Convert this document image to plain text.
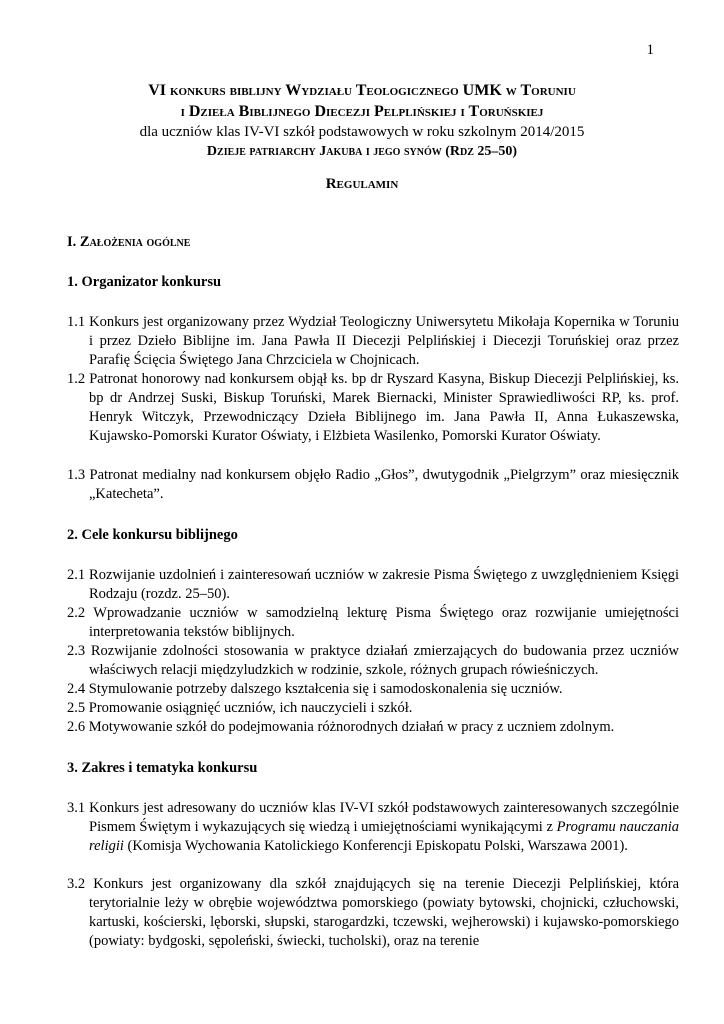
1

VI konkurs biblijny Wydziału Teologicznego UMK w Toruniu

i Dzieła Biblijnego Diecezji Pelplińskiej i Toruńskiej

dla uczniów klas IV-VI szkół podstawowych w roku szkolnym 2014/2015

Dzieje patriarchy Jakuba i jego synów (Rdz 25–50)

Regulamin
I. Założenia ogólne
1. Organizator konkursu
1.1 Konkurs jest organizowany przez Wydział Teologiczny Uniwersytetu Mikołaja Kopernika w Toruniu i przez Dzieło Biblijne im. Jana Pawła II Diecezji Pelplińskiej i Diecezji Toruńskiej oraz przez Parafię Ścięcia Świętego Jana Chrzciciela w Chojnicach.
1.2 Patronat honorowy nad konkursem objął ks. bp dr Ryszard Kasyna, Biskup Diecezji Pelplińskiej, ks. bp dr Andrzej Suski, Biskup Toruński, Marek Biernacki, Minister Sprawiedliwości RP, ks. prof. Henryk Witczyk, Przewodniczący Dzieła Biblijnego im. Jana Pawła II, Anna Łukaszewska, Kujawsko-Pomorski Kurator Oświaty, i Elżbieta Wasilenko, Pomorski Kurator Oświaty.
1.3 Patronat medialny nad konkursem objęło Radio „Głos”, dwutygodnik „Pielgrzym” oraz miesięcznik „Katecheta”.
2. Cele konkursu biblijnego
2.1 Rozwijanie uzdolnień i zainteresowań uczniów w zakresie Pisma Świętego z uwzględnieniem Księgi Rodzaju (rozdz. 25–50).
2.2 Wprowadzanie uczniów w samodzielną lekturę Pisma Świętego oraz rozwijanie umiejętności interpretowania tekstów biblijnych.
2.3 Rozwijanie zdolności stosowania w praktyce działań zmierzających do budowania przez uczniów właściwych relacji międzyludzkich w rodzinie, szkole, różnych grupach rówieśniczych.
2.4 Stymulowanie potrzeby dalszego kształcenia się i samodoskonalenia się uczniów.
2.5 Promowanie osiągnięć uczniów, ich nauczycieli i szkół.
2.6 Motywowanie szkół do podejmowania różnorodnych działań w pracy z uczniem zdolnym.
3. Zakres i tematyka konkursu
3.1 Konkurs jest adresowany do uczniów klas IV-VI szkół podstawowych zainteresowanych szczególnie Pismem Świętym i wykazujących się wiedzą i umiejętnościami wynikającymi z Programu nauczania religii (Komisja Wychowania Katolickiego Konferencji Episkopatu Polski, Warszawa 2001).
3.2 Konkurs jest organizowany dla szkół znajdujących się na terenie Diecezji Pelplińskiej, która terytorialnie leży w obrębie województwa pomorskiego (powiaty bytowski, chojnicki, człuchowski, kartuski, kościerski, lęborski, słupski, starogardzki, tczewski, wejherowski) i kujawsko-pomorskiego (powiaty: bydgoski, sępoleński, świecki, tucholski), oraz na terenie
